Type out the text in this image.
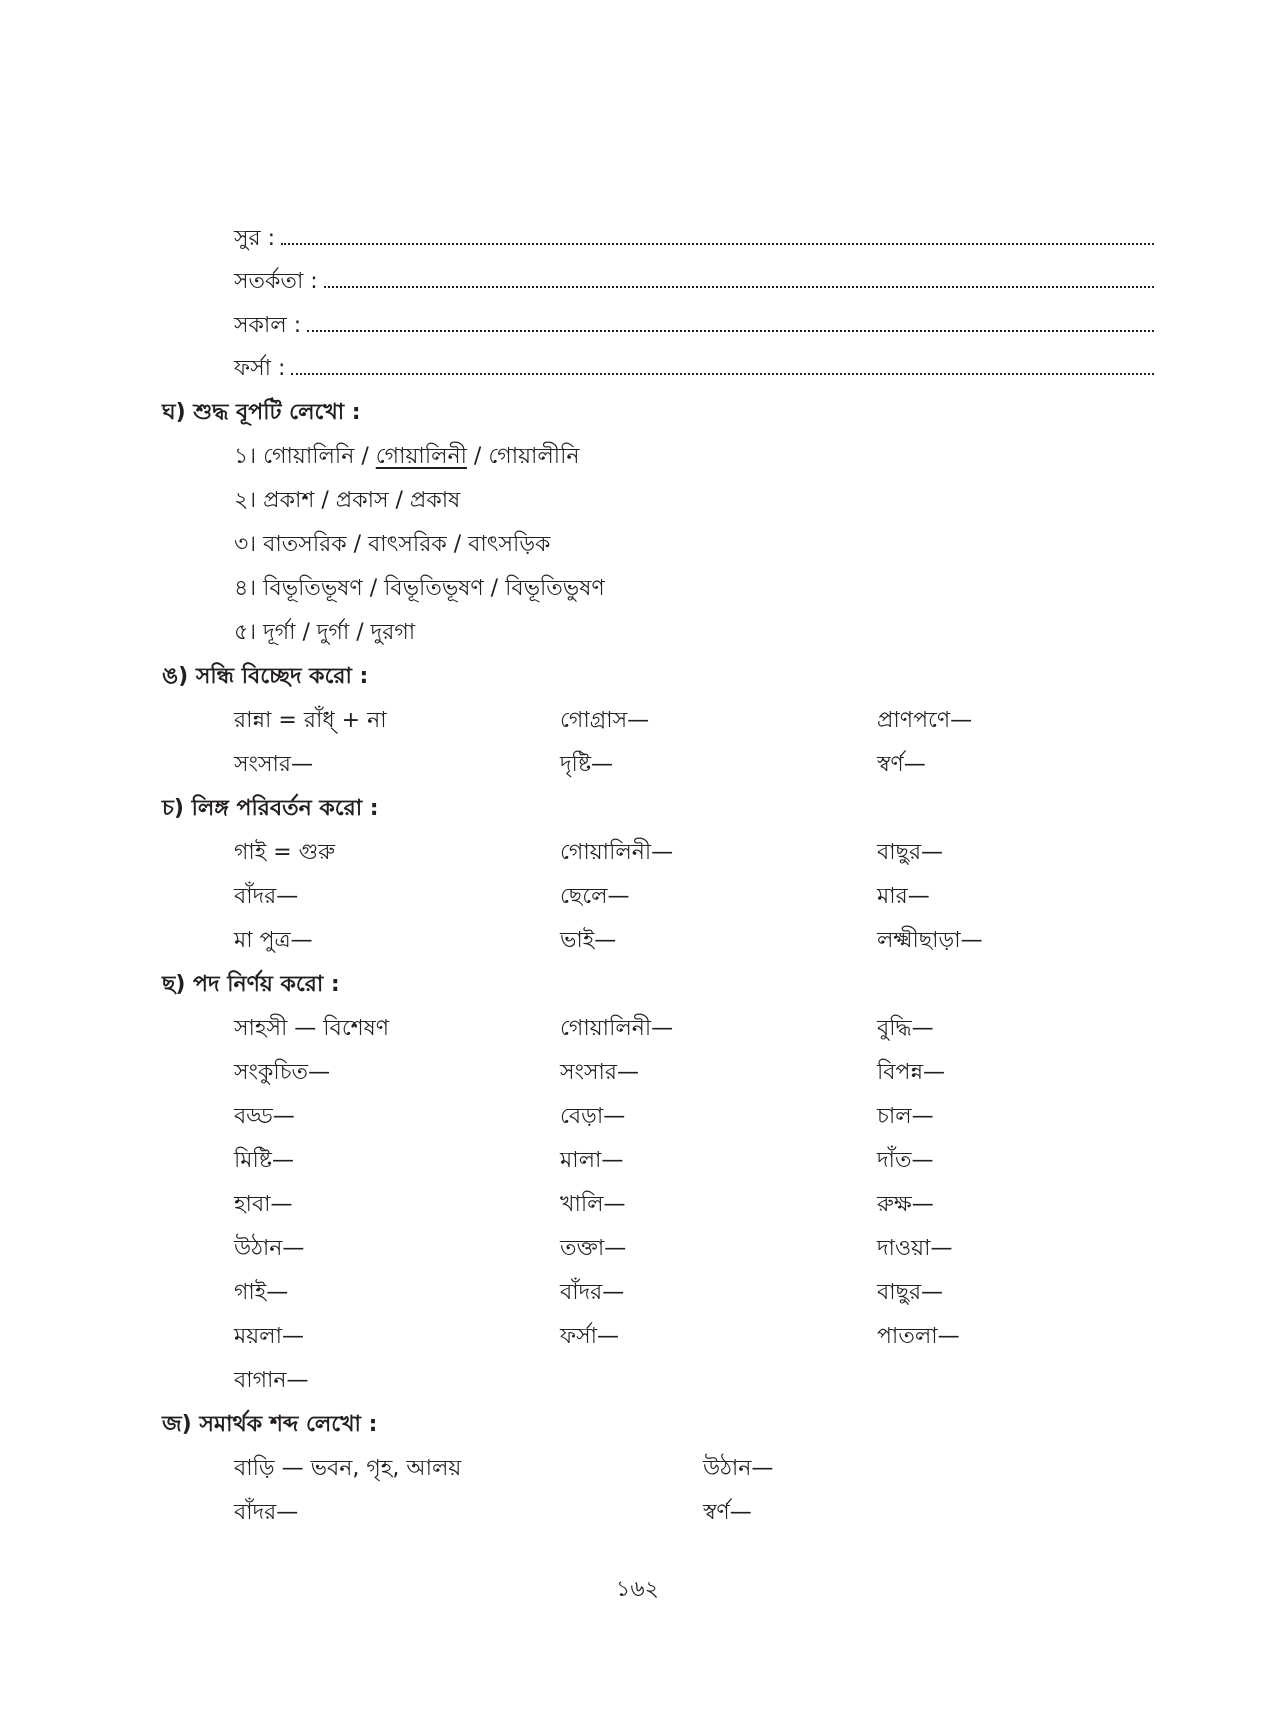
সুর :
সতর্কতা :
সকাল :
ফর্সা :
ঘ) শুদ্ধ বূপটি লেখো :
১। গোয়ালিনি / গোয়ালিনী / গোয়ালীনি
২। প্রকাশ / প্রকাস / প্রকাষ
৩। বাতসরিক / বাৎসরিক / বাৎসড়িক
৪। বিভূতিভূষণ / বিভূতিভূষণ / বিভূতিভুষণ
৫। দূর্গা / দুর্গা / দুরগা
ঙ) সন্ধি বিচ্ছেদ করো :
রান্না = রাঁধ্ + না	গোগ্রাস—	প্রাণপণে—
সংসার—	দৃষ্টি—	স্বর্ণ—
চ) লিঙ্গ পরিবর্তন করো :
গাই = গুরু	গোয়ালিনী—	বাছুর—
বাঁদর—	ছেলে—	মার—
মা পুত্র—	ভাই—	লক্ষ্মীছাড়া—
ছ) পদ নির্ণয় করো :
সাহসী — বিশেষণ	গোয়ালিনী—	বুদ্ধি—
সংকুচিত—	সংসার—	বিপন্ন—
বড্ড—	বেড়া—	চাল—
মিষ্টি—	মালা—	দাঁত—
হাবা—	খালি—	রুক্ষ—
উঠান—	তক্তা—	দাওয়া—
গাই—	বাঁদর—	বাছুর—
ময়লা—	ফর্সা—	পাতলা—
বাগান—
জ) সমার্থক শব্দ লেখো :
বাড়ি — ভবন, গৃহ, আলয়	উঠান—
বাঁদর—	স্বর্ণ—
১৬২
